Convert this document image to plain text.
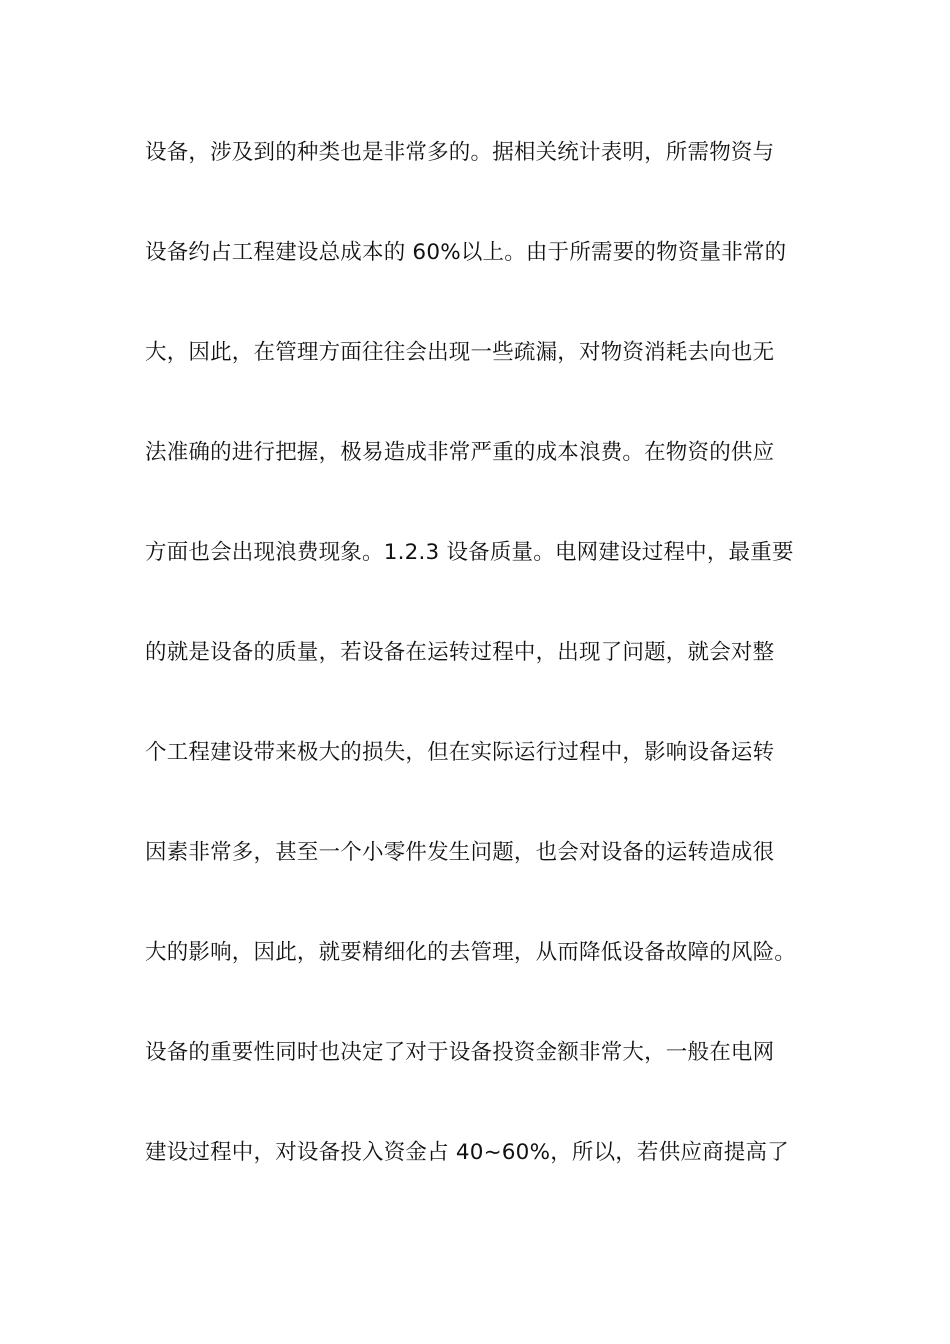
设备，涉及到的种类也是非常多的。据相关统计表明，所需物资与
设备约占工程建设总成本的 60%以上。由于所需要的物资量非常的
大，因此，在管理方面往往会出现一些疏漏，对物资消耗去向也无
法准确的进行把握，极易造成非常严重的成本浪费。在物资的供应
方面也会出现浪费现象。1.2.3 设备质量。电网建设过程中，最重要
的就是设备的质量，若设备在运转过程中，出现了问题，就会对整
个工程建设带来极大的损失，但在实际运行过程中，影响设备运转
因素非常多，甚至一个小零件发生问题，也会对设备的运转造成很
大的影响，因此，就要精细化的去管理，从而降低设备故障的风险。
设备的重要性同时也决定了对于设备投资金额非常大，一般在电网
建设过程中，对设备投入资金占 40~60%，所以，若供应商提高了
